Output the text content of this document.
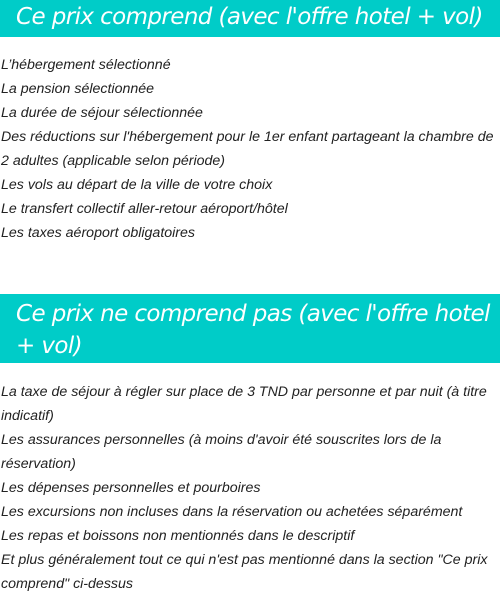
Ce prix comprend (avec l'offre hotel + vol)
L’hébergement sélectionné
La pension sélectionnée
La durée de séjour sélectionnée
Des réductions sur l'hébergement pour le 1er enfant partageant la chambre de 2 adultes (applicable selon période)
Les vols au départ de la ville de votre choix
Le transfert collectif aller-retour aéroport/hôtel
Les taxes aéroport obligatoires
Ce prix ne comprend pas (avec l'offre hotel + vol)
La taxe de séjour à régler sur place de 3 TND par personne et par nuit (à titre indicatif)
Les assurances personnelles (à moins d'avoir été souscrites lors de la réservation)
Les dépenses personnelles et pourboires
Les excursions non incluses dans la réservation ou achetées séparément
Les repas et boissons non mentionnés dans le descriptif
Et plus généralement tout ce qui n'est pas mentionné dans la section "Ce prix comprend" ci-dessus
